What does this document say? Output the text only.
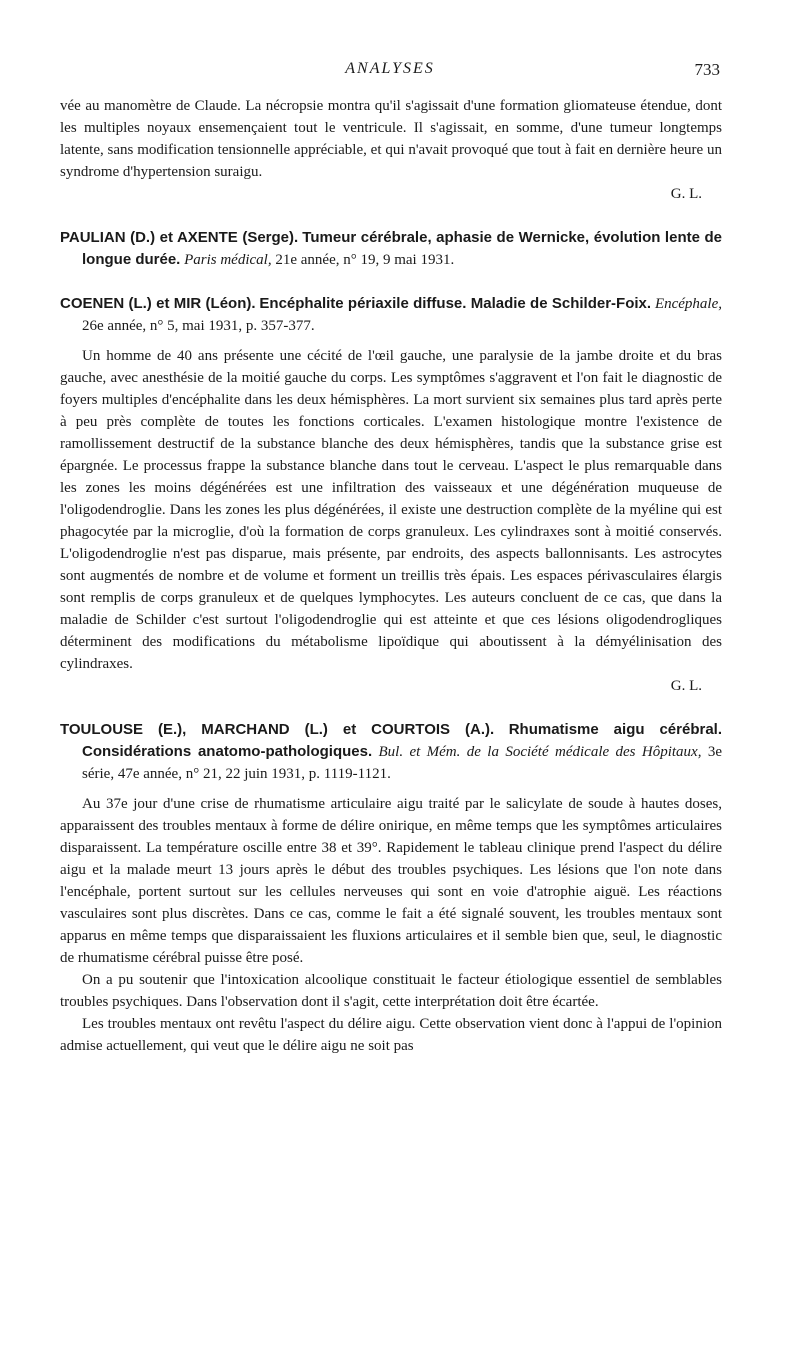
ANALYSES	733

vée au manomètre de Claude. La nécropsie montra qu'il s'agissait d'une formation gliomateuse étendue, dont les multiples noyaux ensemençaient tout le ventricule. Il s'agissait, en somme, d'une tumeur longtemps latente, sans modification tensionnelle appréciable, et qui n'avait provoqué que tout à fait en dernière heure un syndrome d'hypertension suraigu.
G. L.

PAULIAN (D.) et AXENTE (Serge). Tumeur cérébrale, aphasie de Wernicke, évolution lente de longue durée. Paris médical, 21e année, n° 19, 9 mai 1931.

COENEN (L.) et MIR (Léon). Encéphalite périaxile diffuse. Maladie de Schilder-Foix. Encéphale, 26e année, n° 5, mai 1931, p. 357-377.

Un homme de 40 ans présente une cécité de l'œil gauche, une paralysie de la jambe droite et du bras gauche, avec anesthésie de la moitié gauche du corps. Les symptômes s'aggravent et l'on fait le diagnostic de foyers multiples d'encéphalite dans les deux hémisphères. La mort survient six semaines plus tard après perte à peu près complète de toutes les fonctions corticales. L'examen histologique montre l'existence de ramollissement destructif de la substance blanche des deux hémisphères, tandis que la substance grise est épargnée. Le processus frappe la substance blanche dans tout le cerveau. L'aspect le plus remarquable dans les zones les moins dégénérées est une infiltration des vaisseaux et une dégénération muqueuse de l'oligodendroglie. Dans les zones les plus dégénérées, il existe une destruction complète de la myéline qui est phagocytée par la microglie, d'où la formation de corps granuleux. Les cylindraxes sont à moitié conservés. L'oligodendroglie n'est pas disparue, mais présente, par endroits, des aspects ballonnisants. Les astrocytes sont augmentés de nombre et de volume et forment un treillis très épais. Les espaces périvasculaires élargis sont remplis de corps granuleux et de quelques lymphocytes. Les auteurs concluent de ce cas, que dans la maladie de Schilder c'est surtout l'oligodendroglie qui est atteinte et que ces lésions oligodendrogliques déterminent des modifications du métabolisme lipoïdique qui aboutissent à la démyélinisation des cylindraxes.
G. L.

TOULOUSE (E.), MARCHAND (L.) et COURTOIS (A.). Rhumatisme aigu cérébral. Considérations anatomo-pathologiques. Bul. et Mém. de la Société médicale des Hôpitaux, 3e série, 47e année, n° 21, 22 juin 1931, p. 1119-1121.

Au 37e jour d'une crise de rhumatisme articulaire aigu traité par le salicylate de soude à hautes doses, apparaissent des troubles mentaux à forme de délire onirique, en même temps que les symptômes articulaires disparaissent. La température oscille entre 38 et 39°. Rapidement le tableau clinique prend l'aspect du délire aigu et la malade meurt 13 jours après le début des troubles psychiques. Les lésions que l'on note dans l'encéphale, portent surtout sur les cellules nerveuses qui sont en voie d'atrophie aiguë. Les réactions vasculaires sont plus discrètes. Dans ce cas, comme le fait a été signalé souvent, les troubles mentaux sont apparus en même temps que disparaissaient les fluxions articulaires et il semble bien que, seul, le diagnostic de rhumatisme cérébral puisse être posé.

On a pu soutenir que l'intoxication alcoolique constituait le facteur étiologique essentiel de semblables troubles psychiques. Dans l'observation dont il s'agit, cette interprétation doit être écartée.

Les troubles mentaux ont revêtu l'aspect du délire aigu. Cette observation vient donc à l'appui de l'opinion admise actuellement, qui veut que le délire aigu ne soit pas
